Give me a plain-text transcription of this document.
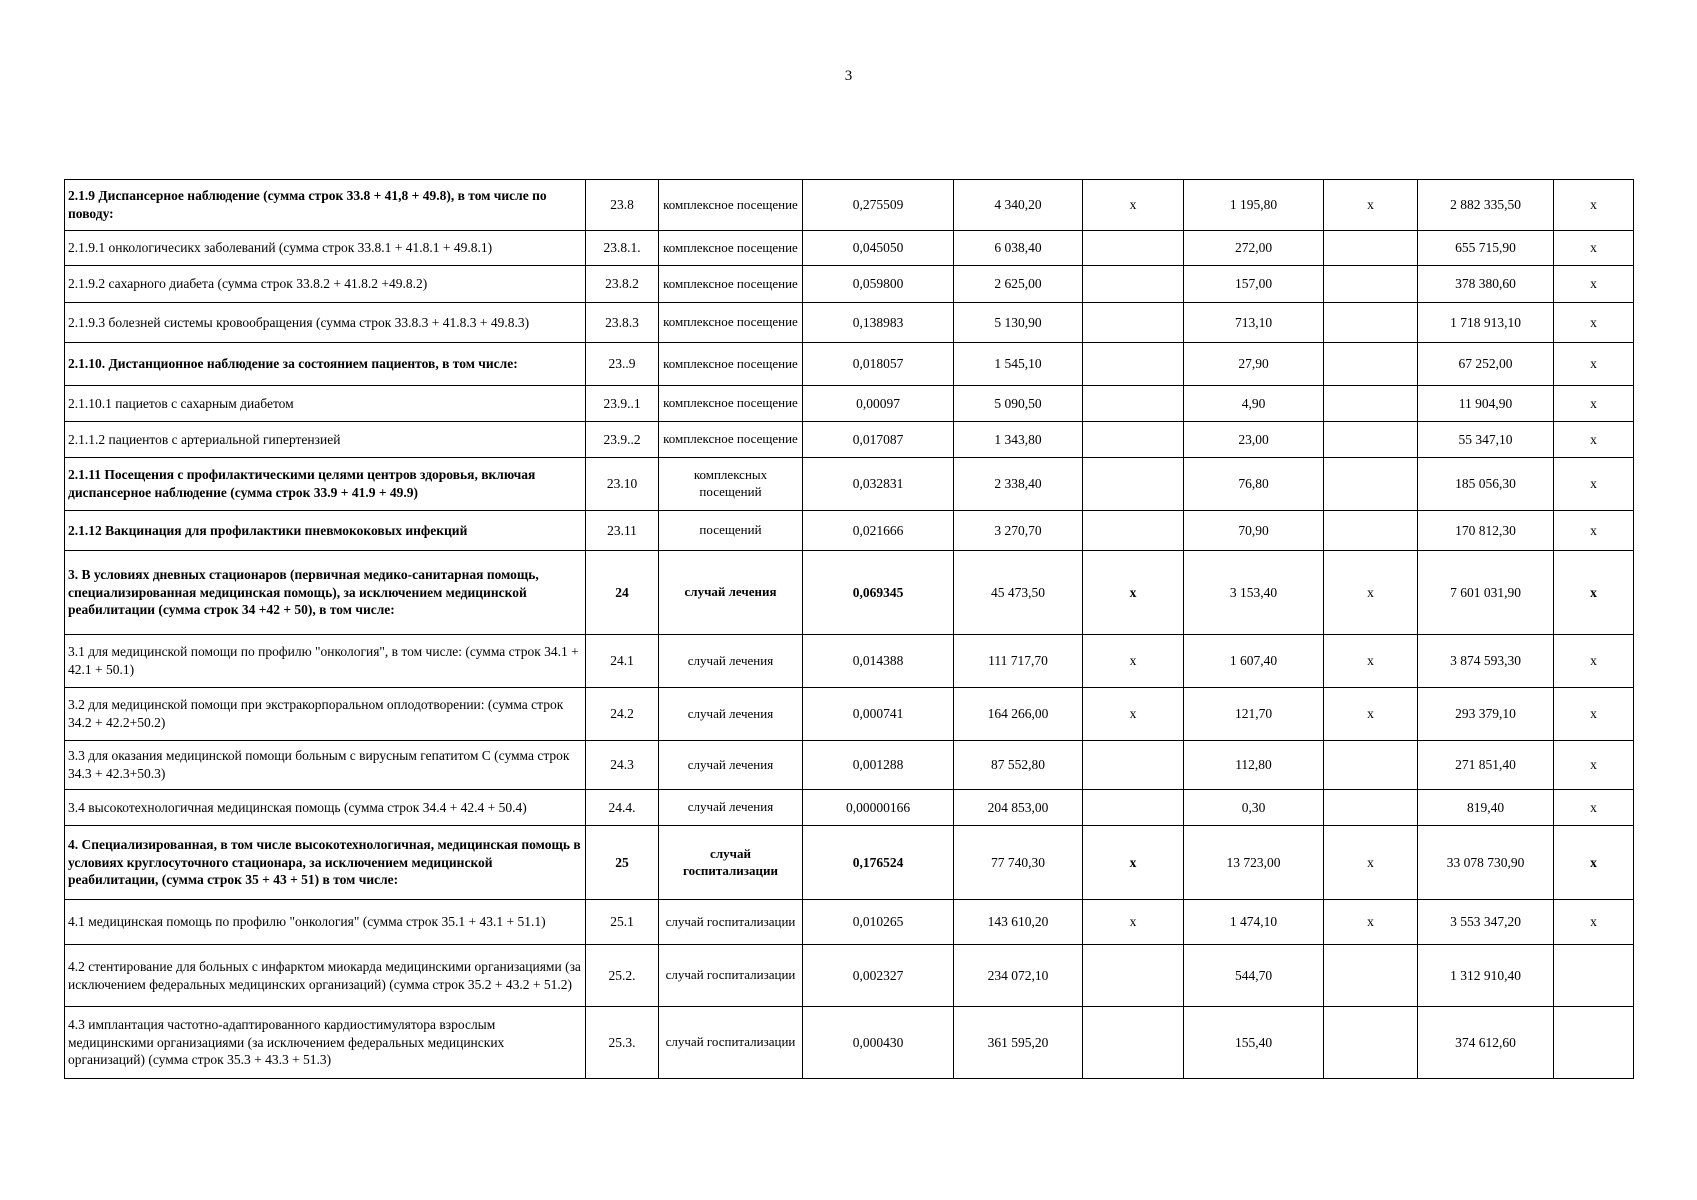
3
2.1.9 Диспансерное наблюдение (сумма строк 33.8 + 41,8 + 49.8), в том числе по поводу:	23.8	комплексное посещение	0,275509	4 340,20	х	1 195,80	х	2 882 335,50	х
2.1.9.1 онкологичесикх заболеваний (сумма строк 33.8.1 + 41.8.1 + 49.8.1)	23.8.1.	комплексное посещение	0,045050	6 038,40		272,00		655 715,90	х
2.1.9.2 сахарного диабета (сумма строк 33.8.2 + 41.8.2 +49.8.2)	23.8.2	комплексное посещение	0,059800	2 625,00		157,00		378 380,60	х
2.1.9.3 болезней системы кровообращения (сумма строк 33.8.3 + 41.8.3 + 49.8.3)	23.8.3	комплексное посещение	0,138983	5 130,90		713,10		1 718 913,10	х
2.1.10. Дистанционное наблюдение за состоянием пациентов, в том числе:	23..9	комплексное посещение	0,018057	1 545,10		27,90		67 252,00	х
2.1.10.1 пациетов с сахарным диабетом	23.9..1	комплексное посещение	0,00097	5 090,50		4,90		11 904,90	х
2.1.1.2 пациентов с артериальной гипертензией	23.9..2	комплексное посещение	0,017087	1 343,80		23,00		55 347,10	х
2.1.11 Посещения с профилактическими целями центров здоровья, включая диспансерное наблюдение (сумма строк 33.9 + 41.9 + 49.9)	23.10	комплексных посещений	0,032831	2 338,40		76,80		185 056,30	х
2.1.12 Вакцинация для профилактики пневмококовых инфекций	23.11	посещений	0,021666	3 270,70		70,90		170 812,30	х
3. В условиях дневных стационаров (первичная медико-санитарная помощь, специализированная медицинская помощь), за исключением медицинской реабилитации (сумма строк 34 +42 + 50), в том числе:	24	случай лечения	0,069345	45 473,50	х	3 153,40	х	7 601 031,90	х
3.1 для медицинской помощи по профилю "онкология", в том числе: (сумма строк 34.1 + 42.1 + 50.1)	24.1	случай лечения	0,014388	111 717,70	х	1 607,40	х	3 874 593,30	х
3.2 для медицинской помощи при экстракорпоральном оплодотворении: (сумма строк 34.2 + 42.2+50.2)	24.2	случай лечения	0,000741	164 266,00	х	121,70	х	293 379,10	х
3.3 для оказания медицинской помощи больным с вирусным гепатитом С (сумма строк 34.3 + 42.3+50.3)	24.3	случай лечения	0,001288	87 552,80		112,80		271 851,40	х
3.4 высокотехнологичная медицинская помощь (сумма строк 34.4 + 42.4 + 50.4)	24.4.	случай лечения	0,00000166	204 853,00		0,30		819,40	х
4. Специализированная, в том числе высокотехнологичная, медицинская помощь в условиях круглосуточного стационара, за исключением медицинской реабилитации, (сумма строк 35 + 43 + 51) в том числе:	25	случай госпитализации	0,176524	77 740,30	х	13 723,00	х	33 078 730,90	х
4.1 медицинская помощь по профилю "онкология" (сумма строк 35.1 + 43.1 + 51.1)	25.1	случай госпитализации	0,010265	143 610,20	х	1 474,10	х	3 553 347,20	х
4.2 стентирование для больных с инфарктом миокарда медицинскими организациями (за исключением федеральных медицинских организаций) (сумма строк 35.2 + 43.2 + 51.2)	25.2.	случай госпитализации	0,002327	234 072,10		544,70		1 312 910,40	
4.3 имплантация частотно-адаптированного кардиостимулятора взрослым медицинскими организациями (за исключением федеральных медицинских организаций) (сумма строк 35.3 + 43.3 + 51.3)	25.3.	случай госпитализации	0,000430	361 595,20		155,40		374 612,60	
